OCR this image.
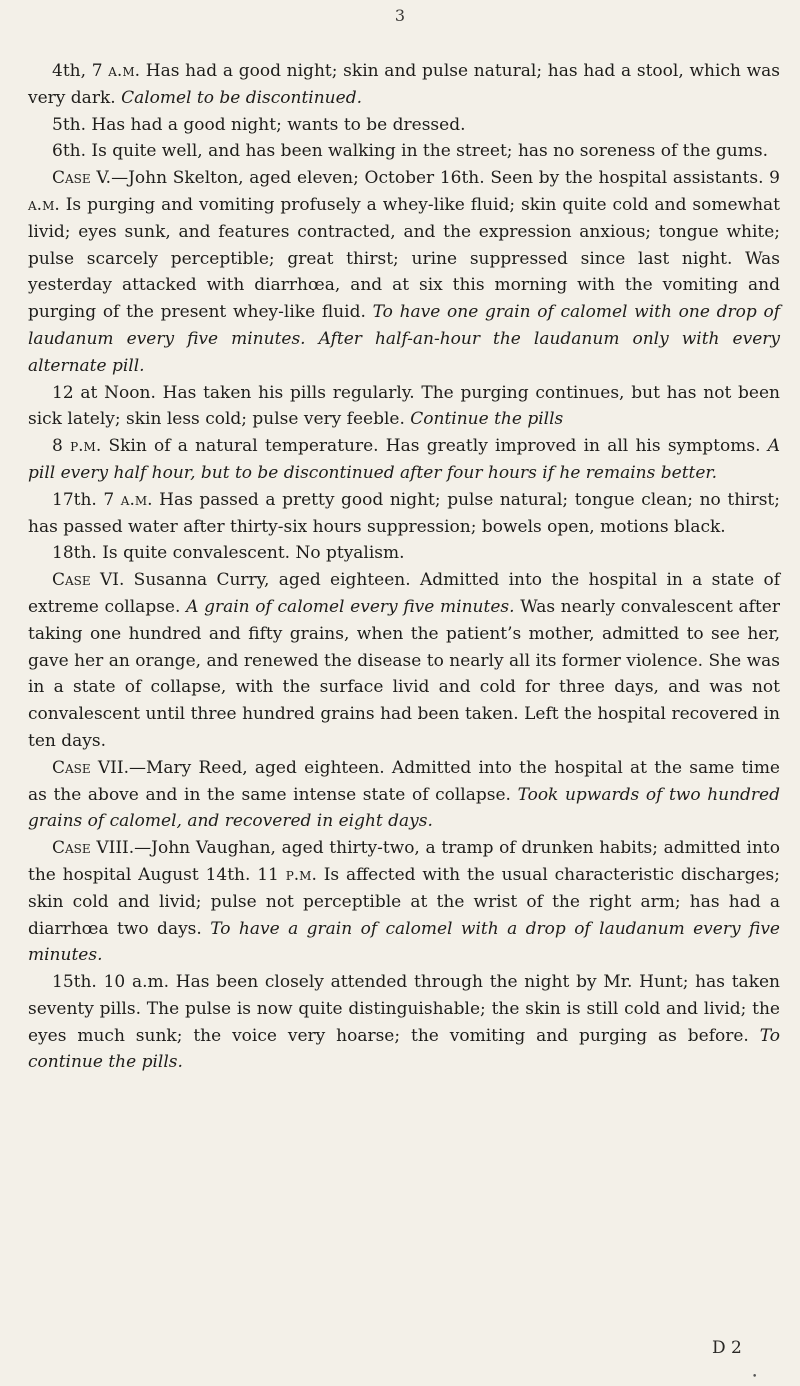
3

4th, 7 a.m. Has had a good night; skin and pulse natural; has had a stool, which was very dark. Calomel to be discontinued.

5th. Has had a good night; wants to be dressed.

6th. Is quite well, and has been walking in the street; has no soreness of the gums.

Case V.—John Skelton, aged eleven; October 16th. Seen by the hospital assistants. 9 a.m. Is purging and vomiting profusely a whey-like fluid; skin quite cold and somewhat livid; eyes sunk, and features contracted, and the expression anxious; tongue white; pulse scarcely perceptible; great thirst; urine suppressed since last night. Was yesterday attacked with diarrhœa, and at six this morning with the vomiting and purging of the present whey-like fluid. To have one grain of calomel with one drop of laudanum every five minutes. After half-an-hour the laudanum only with every alternate pill.

12 at Noon. Has taken his pills regularly. The purging continues, but has not been sick lately; skin less cold; pulse very feeble. Continue the pills

8 p.m. Skin of a natural temperature. Has greatly improved in all his symptoms. A pill every half hour, but to be discontinued after four hours if he remains better.

17th. 7 a.m. Has passed a pretty good night; pulse natural; tongue clean; no thirst; has passed water after thirty-six hours suppression; bowels open, motions black.

18th. Is quite convalescent. No ptyalism.

Case VI. Susanna Curry, aged eighteen. Admitted into the hospital in a state of extreme collapse. A grain of calomel every five minutes. Was nearly convalescent after taking one hundred and fifty grains, when the patient’s mother, admitted to see her, gave her an orange, and renewed the disease to nearly all its former violence. She was in a state of collapse, with the surface livid and cold for three days, and was not convalescent until three hundred grains had been taken. Left the hospital recovered in ten days.

Case VII.—Mary Reed, aged eighteen. Admitted into the hospital at the same time as the above and in the same intense state of collapse. Took upwards of two hundred grains of calomel, and recovered in eight days.

Case VIII.—John Vaughan, aged thirty-two, a tramp of drunken habits; admitted into the hospital August 14th. 11 p.m. Is affected with the usual characteristic discharges; skin cold and livid; pulse not perceptible at the wrist of the right arm; has had a diarrhœa two days. To have a grain of calomel with a drop of laudanum every five minutes.

15th. 10 a.m. Has been closely attended through the night by Mr. Hunt; has taken seventy pills. The pulse is now quite distinguishable; the skin is still cold and livid; the eyes much sunk; the voice very hoarse; the vomiting and purging as before. To continue the pills.

D 2
•
